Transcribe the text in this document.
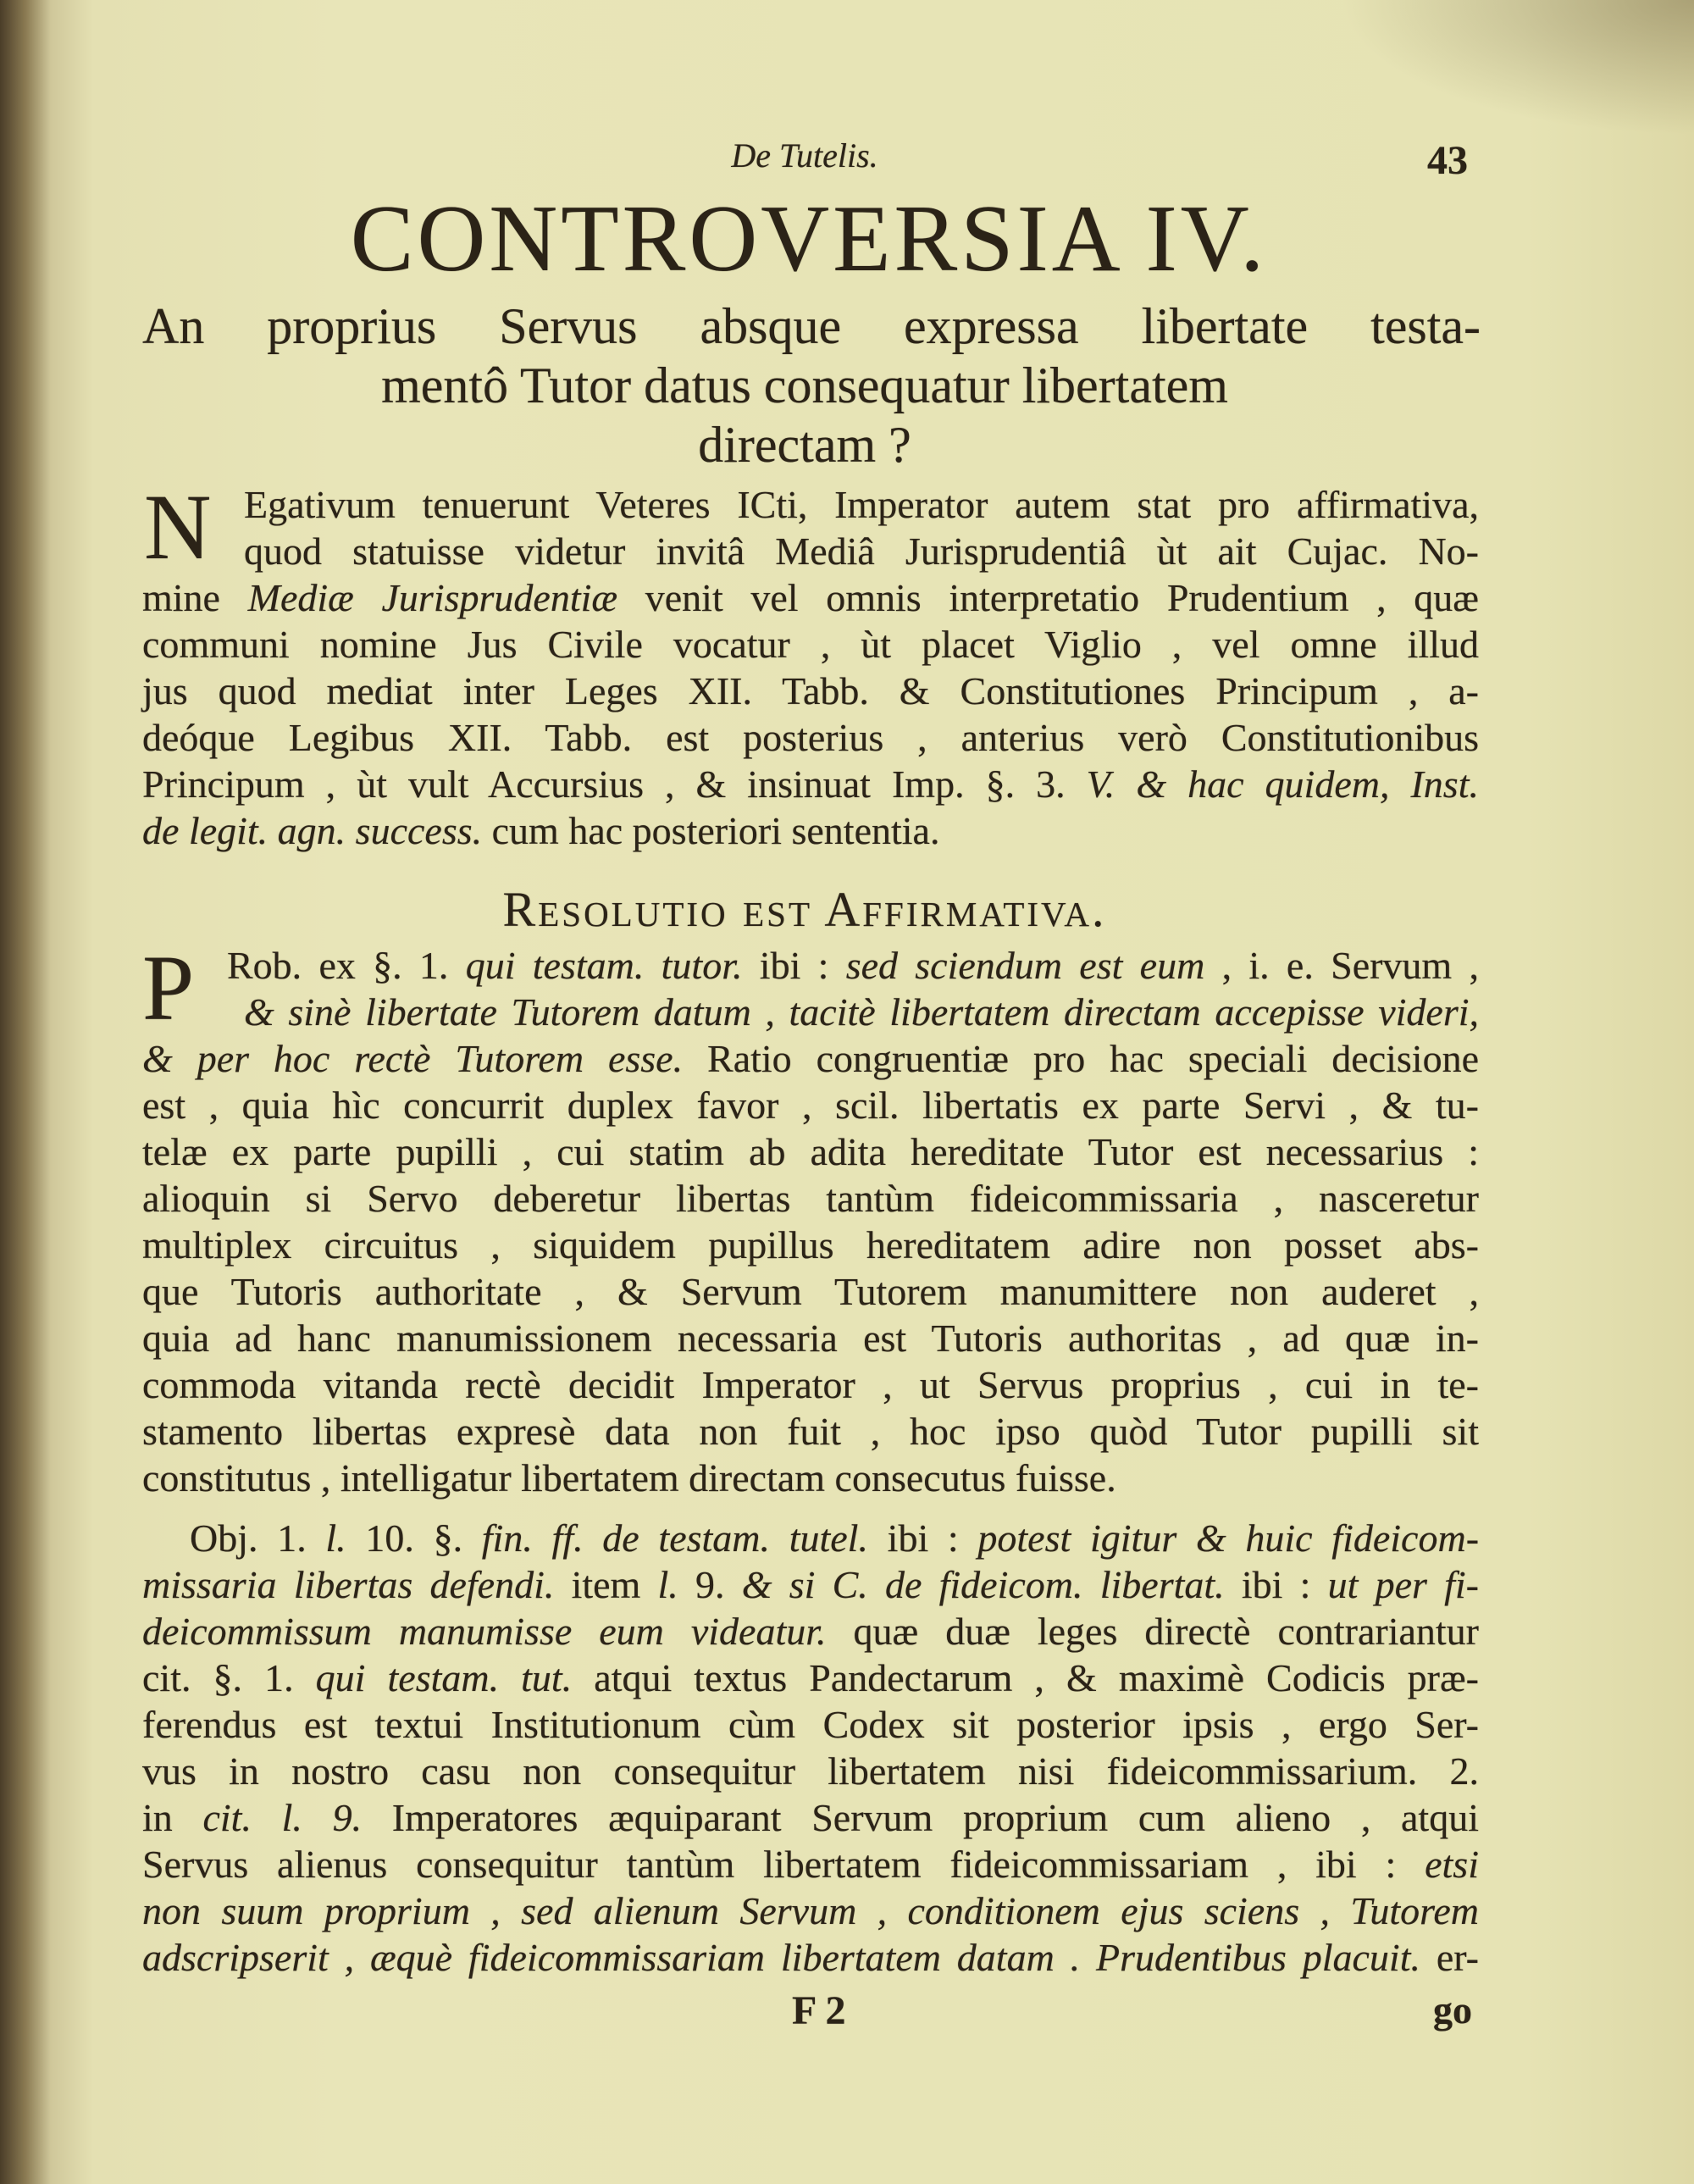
De Tutelis.	43
CONTROVERSIA IV.
An proprius Servus absque expressa libertate testa-
mentô Tutor datus consequatur libertatem
directam ?
N Egativum tenuerunt Veteres ICti, Imperator autem stat pro affirmativa,
quod statuisse videtur invitâ Mediâ Jurisprudentiâ ùt ait Cujac. No-
mine Mediæ Jurisprudentiæ venit vel omnis interpretatio Prudentium , quæ
communi nomine Jus Civile vocatur , ùt placet Viglio , vel omne illud
jus quod mediat inter Leges XII. Tabb. & Constitutiones Principum , a-
deóque Legibus XII. Tabb. est posterius , anterius verò Constitutionibus
Principum , ùt vult Accursius , & insinuat Imp. §. 3. V. & hac quidem, Inst.
de legit. agn. success. cum hac posteriori sententia.
Resolutio est Affirmativa.
P Rob. ex §. 1. qui testam. tutor. ibi : sed sciendum est eum , i. e. Servum ,
& sinè libertate Tutorem datum , tacitè libertatem directam accepisse videri,
& per hoc rectè Tutorem esse. Ratio congruentiæ pro hac speciali decisione
est , quia hìc concurrit duplex favor , scil. libertatis ex parte Servi , & tu-
telæ ex parte pupilli , cui statim ab adita hereditate Tutor est necessarius :
alioquin si Servo deberetur libertas tantùm fideicommissaria , nasceretur
multiplex circuitus , siquidem pupillus hereditatem adire non posset abs-
que Tutoris authoritate , & Servum Tutorem manumittere non auderet ,
quia ad hanc manumissionem necessaria est Tutoris authoritas , ad quæ in-
commoda vitanda rectè decidit Imperator , ut Servus proprius , cui in te-
stamento libertas expresè data non fuit , hoc ipso quòd Tutor pupilli sit
constitutus , intelligatur libertatem directam consecutus fuisse.
Obj. 1. l. 10. §. fin. ff. de testam. tutel. ibi : potest igitur & huic fideicom-
missaria libertas defendi. item l. 9. & si C. de fideicom. libertat. ibi : ut per fi-
deicommissum manumisse eum videatur. quæ duæ leges directè contrariantur
cit. §. 1. qui testam. tut. atqui textus Pandectarum , & maximè Codicis præ-
ferendus est textui Institutionum cùm Codex sit posterior ipsis , ergo Ser-
vus in nostro casu non consequitur libertatem nisi fideicommissarium. 2.
in cit. l. 9. Imperatores æquiparant Servum proprium cum alieno , atqui
Servus alienus consequitur tantùm libertatem fideicommissariam , ibi : etsi
non suum proprium , sed alienum Servum , conditionem ejus sciens , Tutorem
adscripserit , æquè fideicommissariam libertatem datam . Prudentibus placuit. er-
F 2	go
